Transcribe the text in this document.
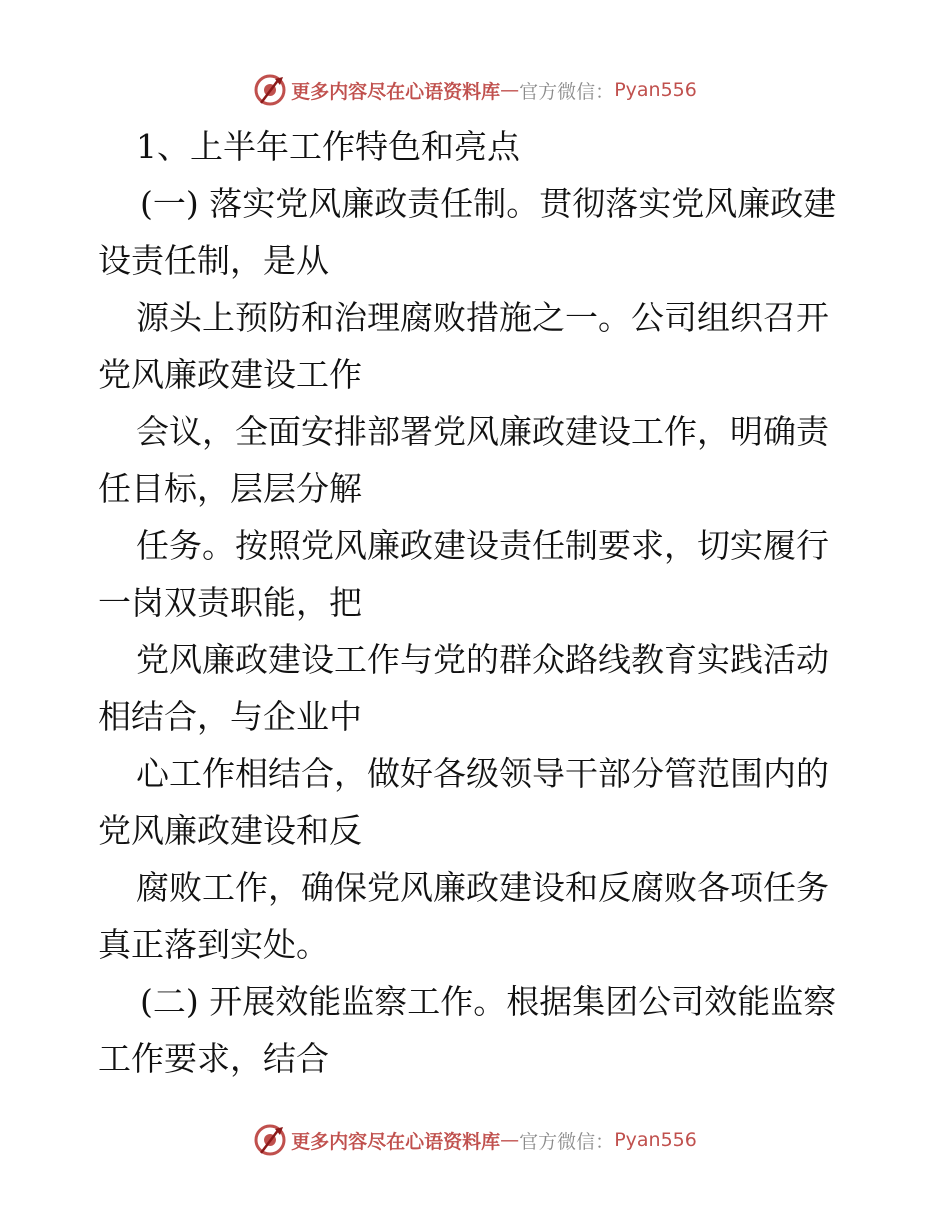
更多内容尽在心语资料库 — 官方微信： Pyan556
1、上半年工作特色和亮点
(一) 落实党风廉政责任制。贯彻落实党风廉政建
设责任制，是从
源头上预防和治理腐败措施之一。公司组织召开
党风廉政建设工作
会议，全面安排部署党风廉政建设工作，明确责
任目标，层层分解
任务。按照党风廉政建设责任制要求，切实履行
一岗双责职能，把
党风廉政建设工作与党的群众路线教育实践活动
相结合，与企业中
心工作相结合，做好各级领导干部分管范围内的
党风廉政建设和反
腐败工作，确保党风廉政建设和反腐败各项任务
真正落到实处。
(二) 开展效能监察工作。根据集团公司效能监察
工作要求，结合
更多内容尽在心语资料库 — 官方微信： Pyan556
